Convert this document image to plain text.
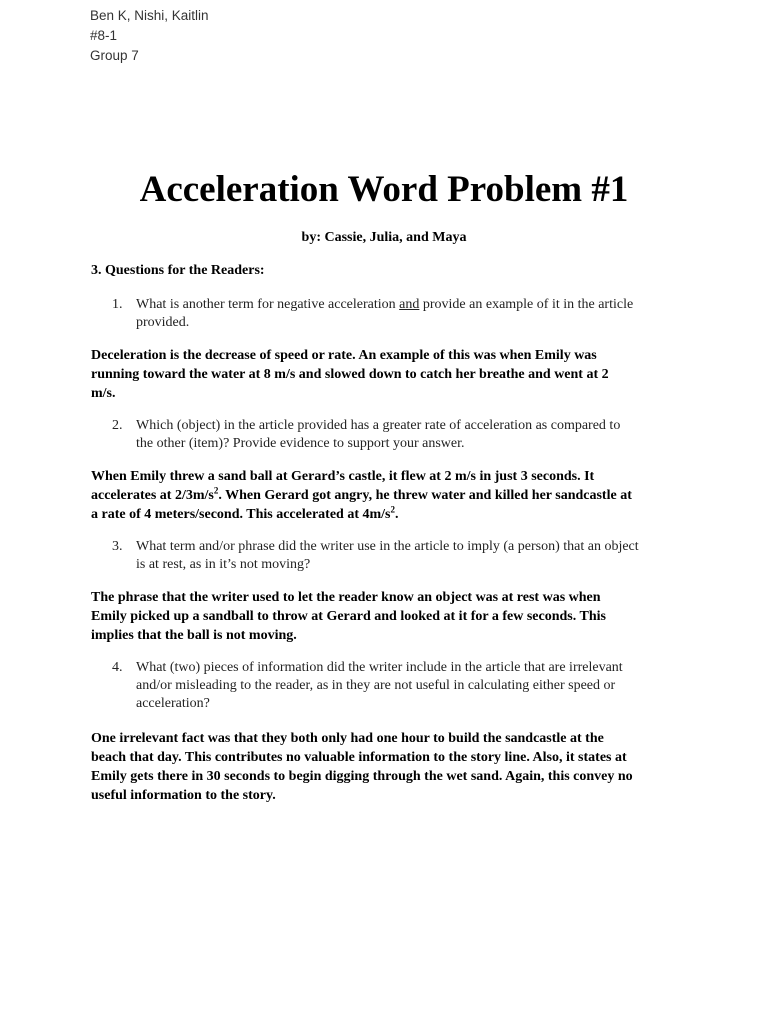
Ben K, Nishi, Kaitlin
#8-1
Group 7
Acceleration Word Problem #1
by: Cassie, Julia, and Maya
3. Questions for the Readers:
1. What is another term for negative acceleration and provide an example of it in the article
provided.
Deceleration is the decrease of speed or rate. An example of this was when Emily was
running toward the water at 8 m/s and slowed down to catch her breathe and went at 2
m/s.
2. Which (object) in the article provided has a greater rate of acceleration as compared to
the other (item)? Provide evidence to support your answer.
When Emily threw a sand ball at Gerard’s castle, it flew at 2 m/s in just 3 seconds. It
accelerates at $2/3m/s^2$. When Gerard got angry, he threw water and killed her sandcastle at
a rate of 4 meters/second. This accelerated at $4m/s^2$.
3. What term and/or phrase did the writer use in the article to imply (a person) that an object
is at rest, as in it’s not moving?
The phrase that the writer used to let the reader know an object was at rest was when
Emily picked up a sandball to throw at Gerard and looked at it for a few seconds. This
implies that the ball is not moving.
4. What (two) pieces of information did the writer include in the article that are irrelevant
and/or misleading to the reader, as in they are not useful in calculating either speed or
acceleration?
One irrelevant fact was that they both only had one hour to build the sandcastle at the
beach that day. This contributes no valuable information to the story line. Also, it states at
Emily gets there in 30 seconds to begin digging through the wet sand. Again, this convey no
useful information to the story.
